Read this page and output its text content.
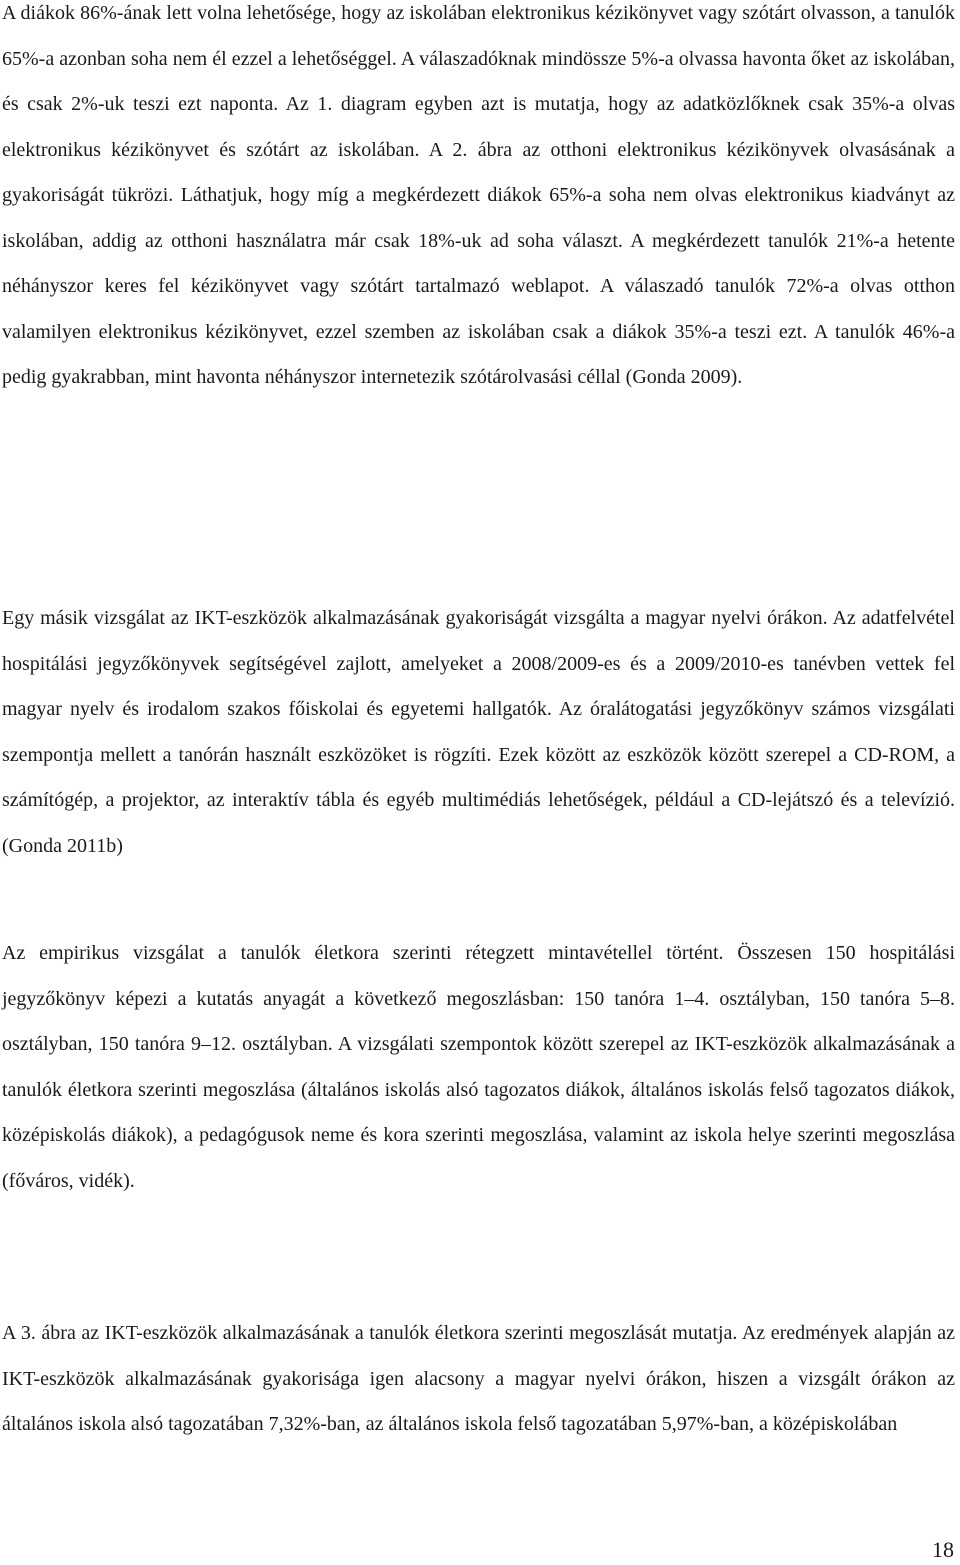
A diákok 86%-ának lett volna lehetősége, hogy az iskolában elektronikus kézikönyvet vagy szótárt olvasson, a tanulók 65%-a azonban soha nem él ezzel a lehetőséggel. A válaszadóknak mindössze 5%-a olvassa havonta őket az iskolában, és csak 2%-uk teszi ezt naponta. Az 1. diagram egyben azt is mutatja, hogy az adatközlőknek csak 35%-a olvas elektronikus kézikönyvet és szótárt az iskolában. A 2. ábra az otthoni elektronikus kézikönyvek olvasásának a gyakoriságát tükrözi. Láthatjuk, hogy míg a megkérdezett diákok 65%-a soha nem olvas elektronikus kiadványt az iskolában, addig az otthoni használatra már csak 18%-uk ad soha választ. A megkérdezett tanulók 21%-a hetente néhányszor keres fel kézikönyvet vagy szótárt tartalmazó weblapot. A válaszadó tanulók 72%-a olvas otthon valamilyen elektronikus kézikönyvet, ezzel szemben az iskolában csak a diákok 35%-a teszi ezt. A tanulók 46%-a pedig gyakrabban, mint havonta néhányszor internetezik szótárolvasási céllal (Gonda 2009).

Egy másik vizsgálat az IKT-eszközök alkalmazásának gyakoriságát vizsgálta a magyar nyelvi órákon. Az adatfelvétel hospitálási jegyzőkönyvek segítségével zajlott, amelyeket a 2008/2009-es és a 2009/2010-es tanévben vettek fel magyar nyelv és irodalom szakos főiskolai és egyetemi hallgatók. Az óralátogatási jegyzőkönyv számos vizsgálati szempontja mellett a tanórán használt eszközöket is rögzíti. Ezek között az eszközök között szerepel a CD-ROM, a számítógép, a projektor, az interaktív tábla és egyéb multimédiás lehetőségek, például a CD-lejátszó és a televízió. (Gonda 2011b)

Az empirikus vizsgálat a tanulók életkora szerinti rétegzett mintavétellel történt. Összesen 150 hospitálási jegyzőkönyv képezi a kutatás anyagát a következő megoszlásban: 150 tanóra 1–4. osztályban, 150 tanóra 5–8. osztályban, 150 tanóra 9–12. osztályban. A vizsgálati szempontok között szerepel az IKT-eszközök alkalmazásának a tanulók életkora szerinti megoszlása (általános iskolás alsó tagozatos diákok, általános iskolás felső tagozatos diákok, középiskolás diákok), a pedagógusok neme és kora szerinti megoszlása, valamint az iskola helye szerinti megoszlása (főváros, vidék).

A 3. ábra az IKT-eszközök alkalmazásának a tanulók életkora szerinti megoszlását mutatja. Az eredmények alapján az IKT-eszközök alkalmazásának gyakorisága igen alacsony a magyar nyelvi órákon, hiszen a vizsgált órákon az általános iskola alsó tagozatában 7,32%-ban, az általános iskola felső tagozatában 5,97%-ban, a középiskolában

18
